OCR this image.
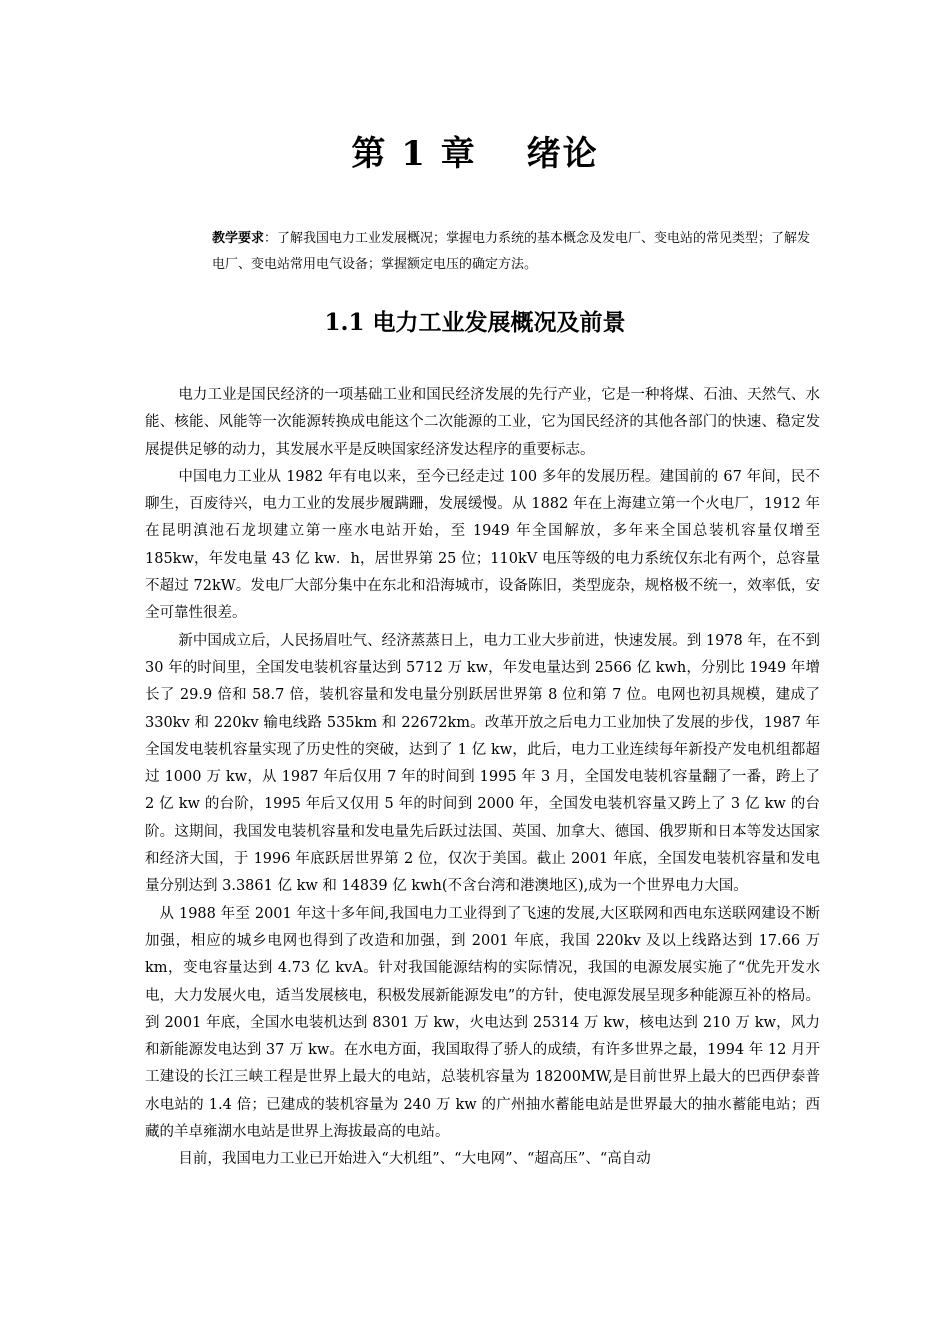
第 1 章　 绪论
教学要求：了解我国电力工业发展概况；掌握电力系统的基本概念及发电厂、变电站的常见类型；了解发电厂、变电站常用电气设备；掌握额定电压的确定方法。
1.1 电力工业发展概况及前景

电力工业是国民经济的一项基础工业和国民经济发展的先行产业，它是一种将煤、石油、天然气、水能、核能、风能等一次能源转换成电能这个二次能源的工业，它为国民经济的其他各部门的快速、稳定发展提供足够的动力，其发展水平是反映国家经济发达程序的重要标志。

中国电力工业从 1982 年有电以来，至今已经走过 100 多年的发展历程。建国前的 67 年间，民不聊生，百废待兴，电力工业的发展步履蹒跚，发展缓慢。从 1882 年在上海建立第一个火电厂，1912 年在昆明滇池石龙坝建立第一座水电站开始，至 1949 年全国解放，多年来全国总装机容量仅增至 185kw，年发电量 43 亿 kw．h，居世界第 25 位；110kV 电压等级的电力系统仅东北有两个，总容量不超过 72kW。发电厂大部分集中在东北和沿海城市，设备陈旧，类型庞杂，规格极不统一，效率低，安全可靠性很差。

新中国成立后，人民扬眉吐气、经济蒸蒸日上，电力工业大步前进，快速发展。到 1978 年，在不到 30 年的时间里，全国发电装机容量达到 5712 万 kw，年发电量达到 2566 亿 kwh，分别比 1949 年增长了 29.9 倍和 58.7 倍，装机容量和发电量分别跃居世界第 8 位和第 7 位。电网也初具规模，建成了 330kv 和 220kv 输电线路 535km 和 22672km。改革开放之后电力工业加快了发展的步伐，1987 年全国发电装机容量实现了历史性的突破，达到了 1 亿 kw，此后，电力工业连续每年新投产发电机组都超过 1000 万 kw，从 1987 年后仅用 7 年的时间到 1995 年 3 月，全国发电装机容量翻了一番，跨上了 2 亿 kw 的台阶，1995 年后又仅用 5 年的时间到 2000 年，全国发电装机容量又跨上了 3 亿 kw 的台阶。这期间，我国发电装机容量和发电量先后跃过法国、英国、加拿大、德国、俄罗斯和日本等发达国家和经济大国，于 1996 年底跃居世界第 2 位，仅次于美国。截止 2001 年底，全国发电装机容量和发电量分别达到 3.3861 亿 kw 和 14839 亿 kwh(不含台湾和港澳地区),成为一个世界电力大国。

从 1988 年至 2001 年这十多年间,我国电力工业得到了飞速的发展,大区联网和西电东送联网建设不断加强，相应的城乡电网也得到了改造和加强，到 2001 年底，我国 220kv 及以上线路达到 17.66 万 km，变电容量达到 4.73 亿 kvA。针对我国能源结构的实际情况，我国的电源发展实施了“优先开发水电，大力发展火电，适当发展核电，积极发展新能源发电”的方针，使电源发展呈现多种能源互补的格局。到 2001 年底，全国水电装机达到 8301 万 kw，火电达到 25314 万 kw，核电达到 210 万 kw，风力和新能源发电达到 37 万 kw。在水电方面，我国取得了骄人的成绩，有许多世界之最，1994 年 12 月开工建设的长江三峡工程是世界上最大的电站，总装机容量为 18200MW,是目前世界上最大的巴西伊泰普水电站的 1.4 倍；已建成的装机容量为 240 万 kw 的广州抽水蓄能电站是世界最大的抽水蓄能电站；西藏的羊卓雍湖水电站是世界上海拔最高的电站。

目前，我国电力工业已开始进入“大机组”、“大电网”、“超高压”、“高自动
